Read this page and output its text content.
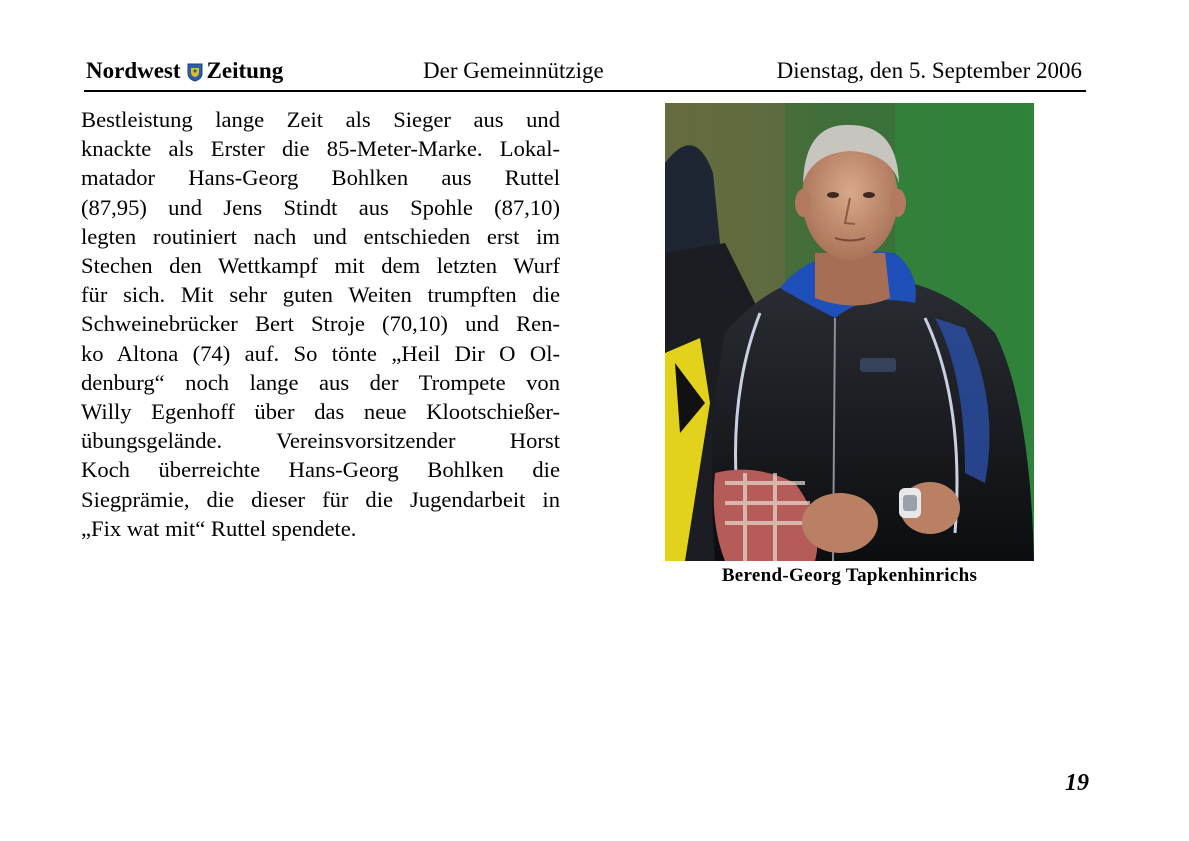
Nordwest Zeitung	Der Gemeinnützige	Dienstag, den 5. September 2006
Bestleistung lange Zeit als Sieger aus und
knackte als Erster die 85-Meter-Marke. Lokal-
matador Hans-Georg Bohlken aus Ruttel
(87,95) und Jens Stindt aus Spohle (87,10)
legten routiniert nach und entschieden erst im
Stechen den Wettkampf mit dem letzten Wurf
für sich. Mit sehr guten Weiten trumpften die
Schweinebrücker Bert Stroje (70,10) und Ren-
ko Altona (74) auf. So tönte „Heil Dir O Ol-
denburg“ noch lange aus der Trompete von
Willy Egenhoff über das neue Klootschießer-
übungsgelände. Vereinsvorsitzender Horst
Koch überreichte Hans-Georg Bohlken die
Siegprämie, die dieser für die Jugendarbeit in
„Fix wat mit“ Ruttel spendete.
Berend-Georg Tapkenhinrichs
19
